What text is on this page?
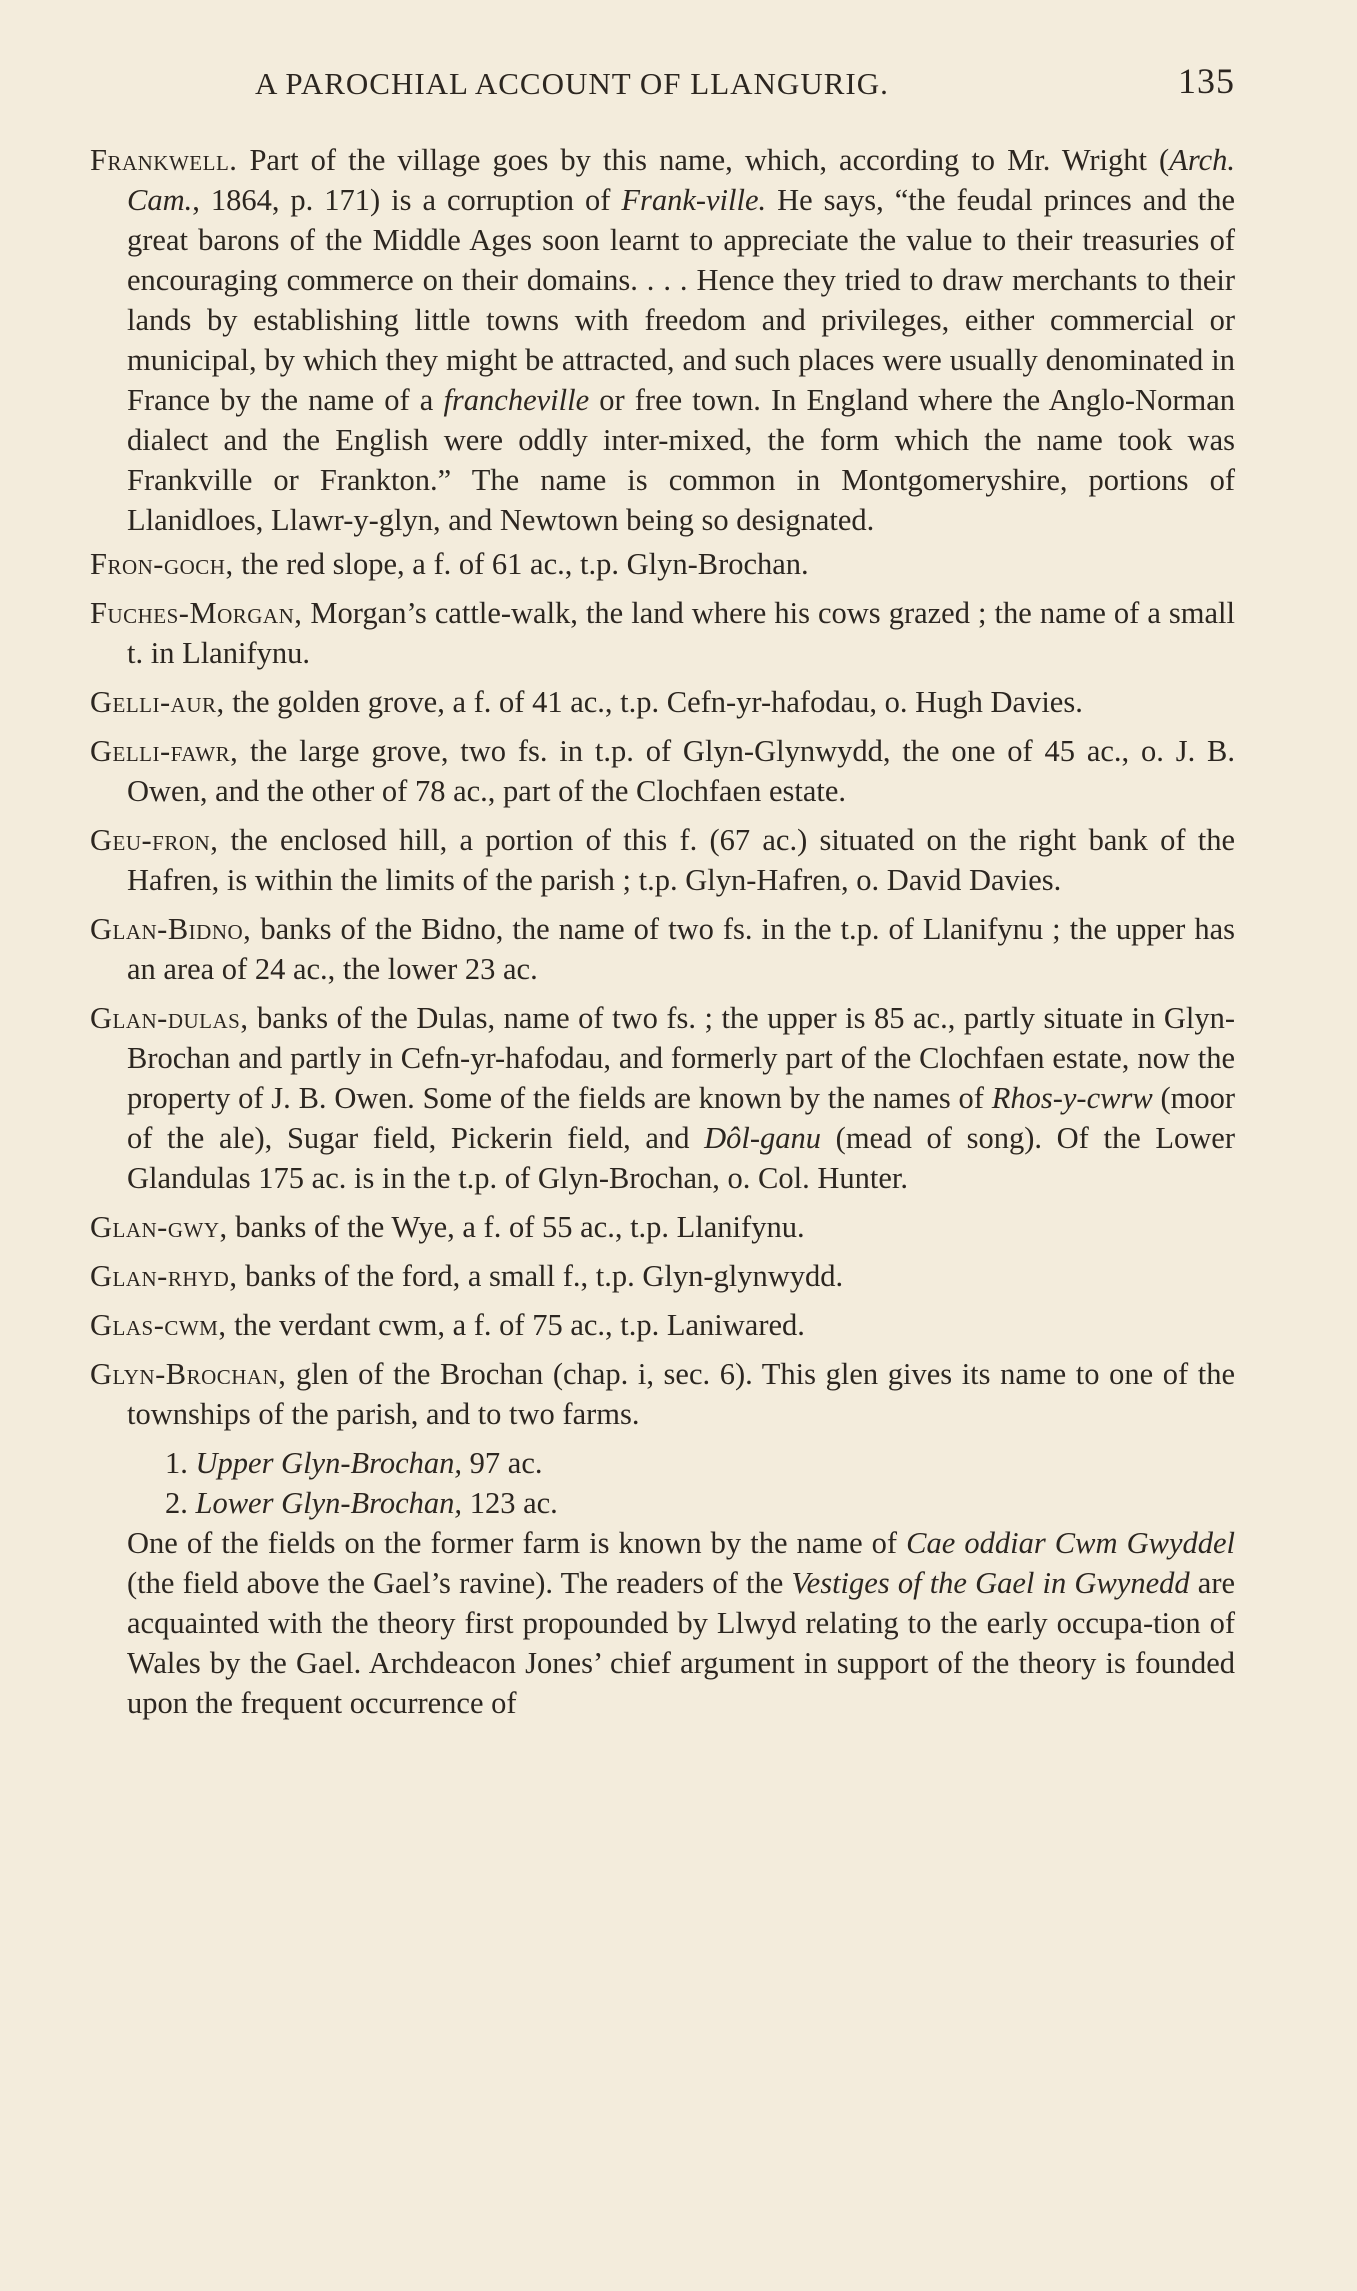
A PAROCHIAL ACCOUNT OF LLANGURIG.	135

Frankwell. Part of the village goes by this name, which, according to Mr. Wright (Arch. Cam., 1864, p. 171) is a corruption of Frank-ville. He says, “the feudal princes and the great barons of the Middle Ages soon learnt to appreciate the value to their treasuries of encouraging commerce on their domains. . . . Hence they tried to draw merchants to their lands by establishing little towns with freedom and privileges, either commercial or municipal, by which they might be attracted, and such places were usually denominated in France by the name of a francheville or free town. In England where the Anglo-Norman dialect and the English were oddly inter-mixed, the form which the name took was Frankville or Frankton.” The name is common in Montgomeryshire, portions of Llanidloes, Llawr-y-glyn, and Newtown being so designated.

Fron-goch, the red slope, a f. of 61 ac., t.p. Glyn-Brochan.

Fuches-Morgan, Morgan’s cattle-walk, the land where his cows grazed ; the name of a small t. in Llanifynu.

Gelli-aur, the golden grove, a f. of 41 ac., t.p. Cefn-yr-hafodau, o. Hugh Davies.

Gelli-fawr, the large grove, two fs. in t.p. of Glyn-Glynwydd, the one of 45 ac., o. J. B. Owen, and the other of 78 ac., part of the Clochfaen estate.

Geu-fron, the enclosed hill, a portion of this f. (67 ac.) situated on the right bank of the Hafren, is within the limits of the parish ; t.p. Glyn-Hafren, o. David Davies.

Glan-Bidno, banks of the Bidno, the name of two fs. in the t.p. of Llanifynu ; the upper has an area of 24 ac., the lower 23 ac.

Glan-dulas, banks of the Dulas, name of two fs. ; the upper is 85 ac., partly situate in Glyn-Brochan and partly in Cefn-yr-hafodau, and formerly part of the Clochfaen estate, now the property of J. B. Owen. Some of the fields are known by the names of Rhos-y-cwrw (moor of the ale), Sugar field, Pickerin field, and Dôl-ganu (mead of song). Of the Lower Glandulas 175 ac. is in the t.p. of Glyn-Brochan, o. Col. Hunter.

Glan-gwy, banks of the Wye, a f. of 55 ac., t.p. Llanifynu.

Glan-rhyd, banks of the ford, a small f., t.p. Glyn-glynwydd.

Glas-cwm, the verdant cwm, a f. of 75 ac., t.p. Laniwared.

Glyn-Brochan, glen of the Brochan (chap. i, sec. 6). This glen gives its name to one of the townships of the parish, and to two farms.

1. Upper Glyn-Brochan, 97 ac.

2. Lower Glyn-Brochan, 123 ac.

One of the fields on the former farm is known by the name of Cae oddiar Cwm Gwyddel (the field above the Gael’s ravine). The readers of the Vestiges of the Gael in Gwynedd are acquainted with the theory first propounded by Llwyd relating to the early occupa-tion of Wales by the Gael. Archdeacon Jones’ chief argument in support of the theory is founded upon the frequent occurrence of
